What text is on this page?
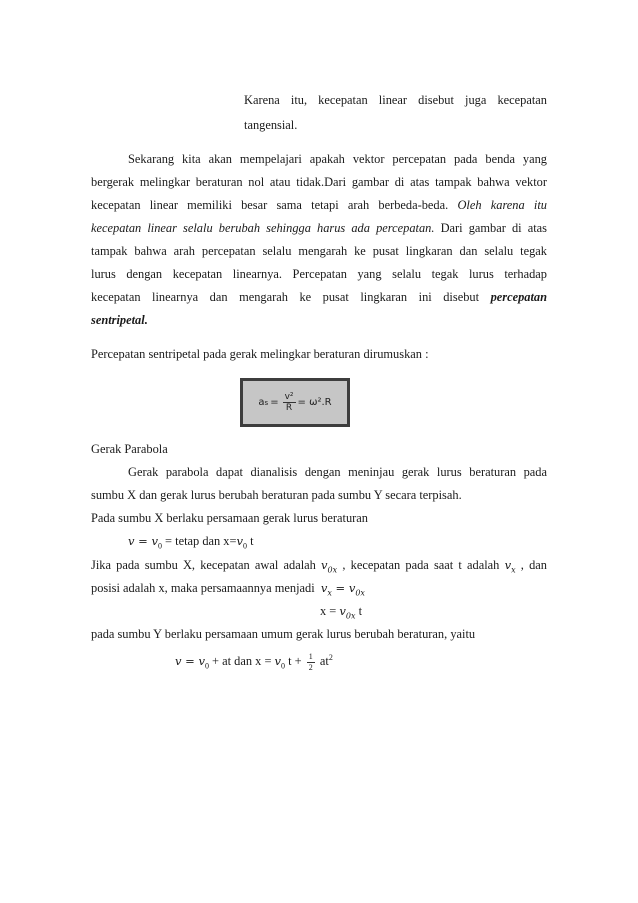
Karena itu, kecepatan linear disebut juga kecepatan
tangensial.
Sekarang kita akan mempelajari apakah vektor percepatan pada benda yang
bergerak melingkar beraturan nol atau tidak.Dari gambar di atas tampak bahwa vektor
kecepatan linear memiliki besar sama tetapi arah berbeda-beda. Oleh karena itu
kecepatan linear selalu berubah sehingga harus ada percepatan. Dari gambar di atas
tampak bahwa arah percepatan selalu mengarah ke pusat lingkaran dan selalu tegak
lurus dengan kecepatan linearnya. Percepatan yang selalu tegak lurus terhadap
kecepatan linearnya dan mengarah ke pusat lingkaran ini disebut percepatan
sentripetal.
Percepatan sentripetal pada gerak melingkar beraturan dirumuskan :
a $s = \frac{\text{v²}}{R} = \omega^2.R$
Gerak Parabola
Gerak parabola dapat dianalisis dengan meninjau gerak lurus beraturan pada
sumbu X dan gerak lurus berubah beraturan pada sumbu Y secara terpisah.
Pada sumbu X berlaku persamaan gerak lurus beraturan
$v = v_0$ = tetap dan $x=v_0$ t
Jika pada sumbu X, kecepatan awal adalah $v_{0x}$ , kecepatan pada saat t adalah $v_x$ , dan
posisi adalah x, maka persamaannya menjadi $v_x = v_{0x}$
$x = v_{0x}$ t
pada sumbu Y berlaku persamaan umum gerak lurus berubah beraturan, yaitu
$v = v_0$ + at dan $x = v_0$ $t + \frac{1}{2} at^2$
